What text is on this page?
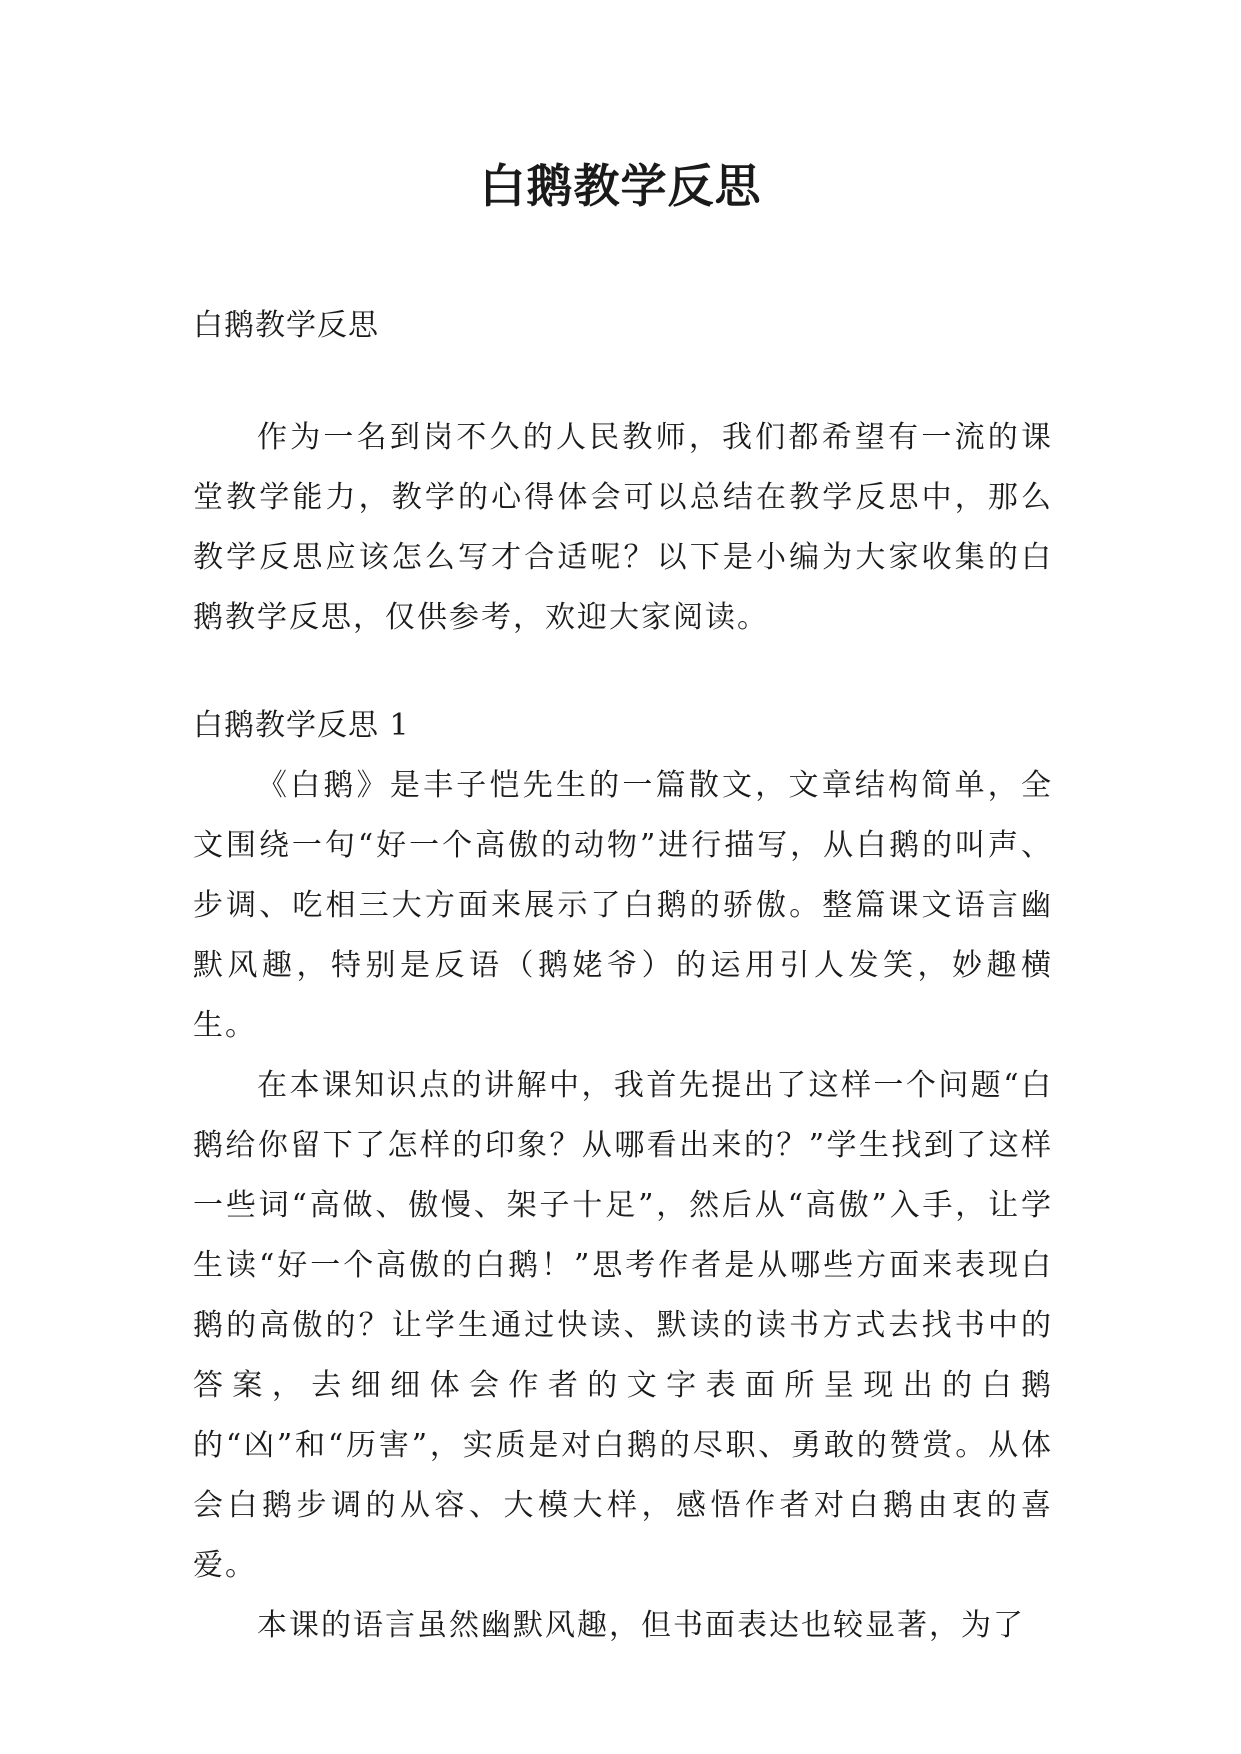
白鹅教学反思

白鹅教学反思

作为一名到岗不久的人民教师，我们都希望有一流的课堂教学能力，教学的心得体会可以总结在教学反思中，那么教学反思应该怎么写才合适呢？以下是小编为大家收集的白鹅教学反思，仅供参考，欢迎大家阅读。

白鹅教学反思 1

《白鹅》是丰子恺先生的一篇散文，文章结构简单，全文围绕一句“好一个高傲的动物”进行描写，从白鹅的叫声、步调、吃相三大方面来展示了白鹅的骄傲。整篇课文语言幽默风趣，特别是反语（鹅姥爷）的运用引人发笑，妙趣横生。

在本课知识点的讲解中，我首先提出了这样一个问题“白鹅给你留下了怎样的印象？从哪看出来的？”学生找到了这样一些词“高做、傲慢、架子十足”，然后从“高傲”入手，让学生读“好一个高傲的白鹅！”思考作者是从哪些方面来表现白鹅的高傲的？让学生通过快读、默读的读书方式去找书中的答案，去细细体会作者的文字表面所呈现出的白鹅的“凶”和“历害”，实质是对白鹅的尽职、勇敢的赞赏。从体会白鹅步调的从容、大模大样，感悟作者对白鹅由衷的喜爱。

本课的语言虽然幽默风趣，但书面表达也较显著，为了
